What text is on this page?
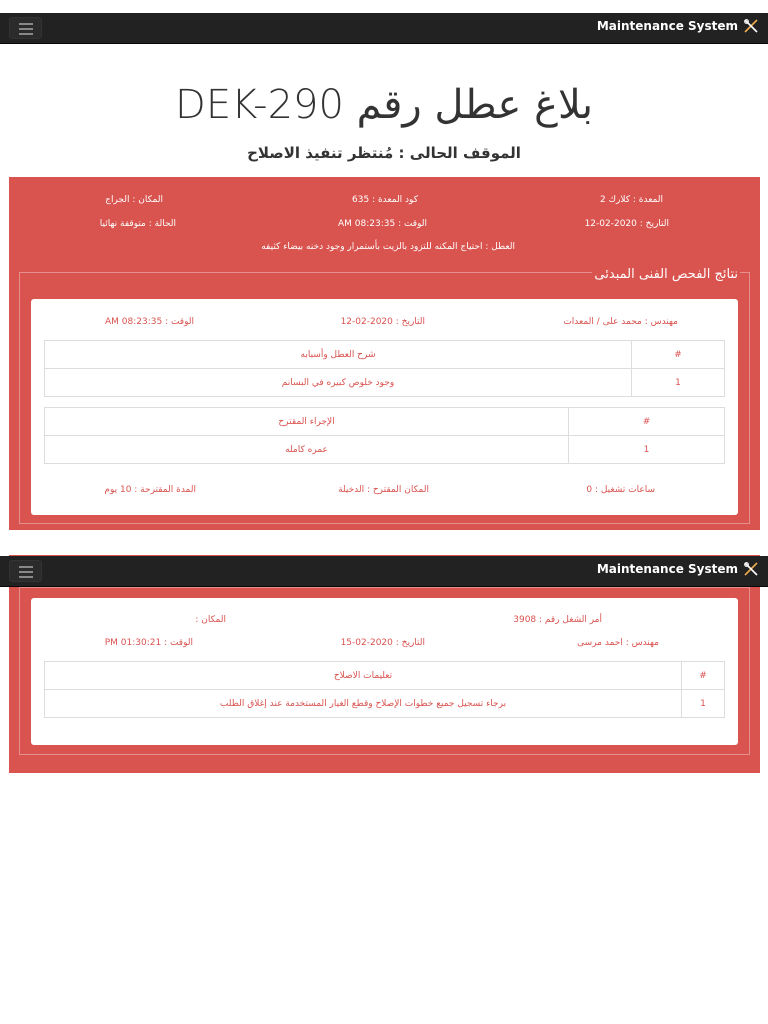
Maintenance System
بلاغ عطل رقم DEK-290
الموقف الحالى : مُنتظر تنفيذ الاصلاح
المعدة : كلارك 2
كود المعدة : 635
المكان : الجراج
التاريخ : 2020-02-12
الوقت : 08:23:35 AM
الحالة : متوقفة نهائيا
العطل : احتياج المكنه للتزود بالزيت بأستمرار وجود دخنه بيضاء كثيفه
نتائج الفحص الفنى المبدئى
مهندس : محمد على / المعدات
التاريخ : 2020-02-12
الوقت : 08:23:35 AM
#	شرح العطل وأسبابه
1	وجود خلوص كبيره في البسانم
#	الإجراء المقترح
1	عمره كامله
ساعات تشغيل : 0
المكان المقترح : الدخيلة
المدة المقترحة : 10 يوم
أمر الشغل رقم : 3908
المكان :
مهندس : احمد مرسى
التاريخ : 2020-02-15
الوقت : 01:30:21 PM
#	تعليمات الاصلاح
1	برجاء تسجيل جميع خطوات الإصلاح وقطع الغيار المستخدمة عند إغلاق الطلب
Maintenance System
